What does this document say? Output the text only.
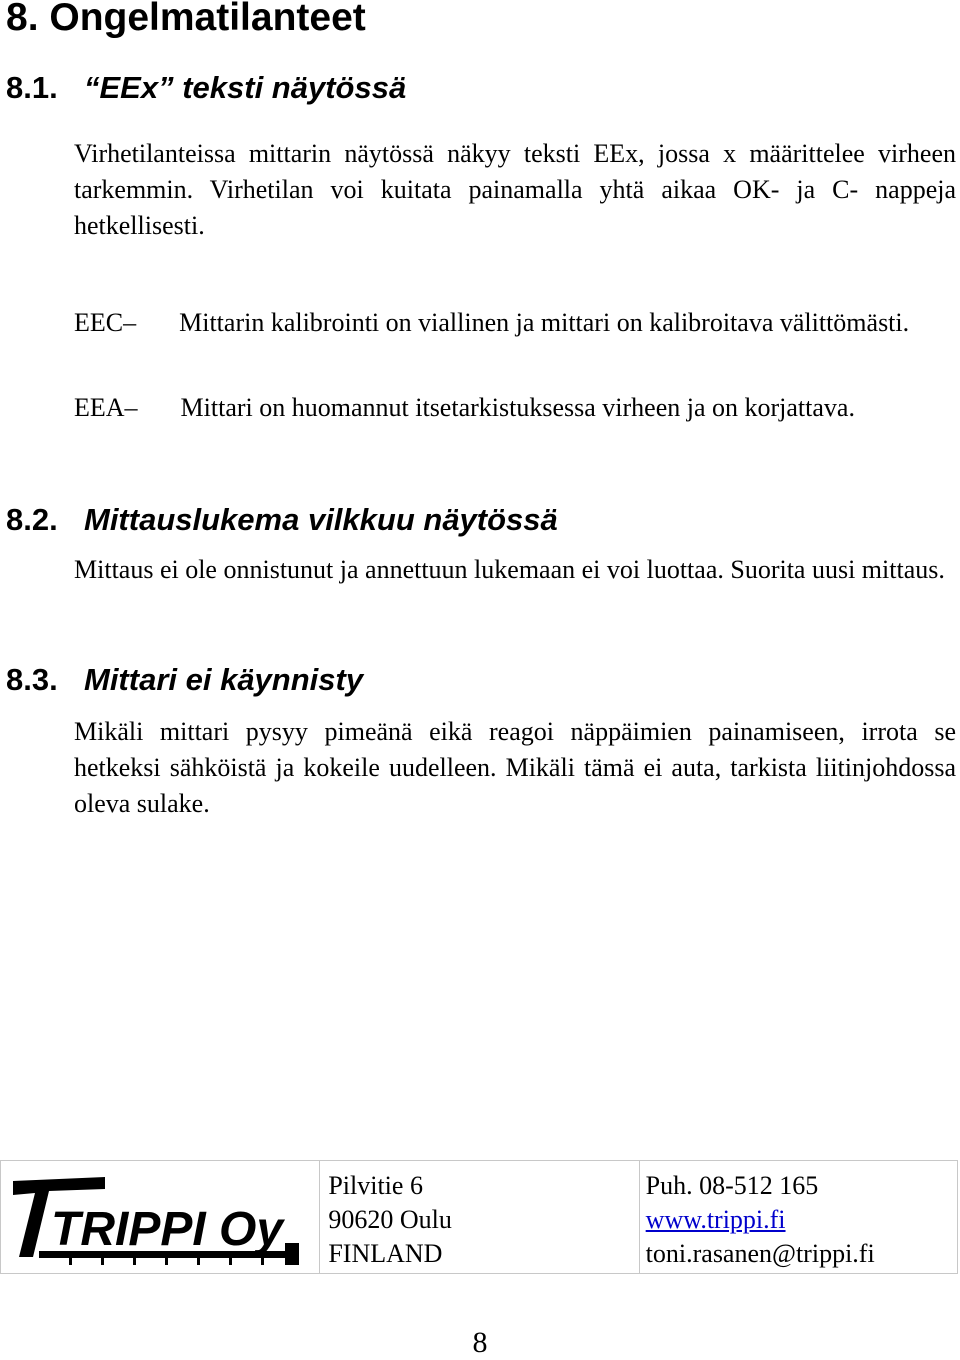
8. Ongelmatilanteet
8.1. “EEx” teksti näytössä
Virhetilanteissa mittarin näytössä näkyy teksti EEx, jossa x määrittelee virheen tarkemmin. Virhetilan voi kuitata painamalla yhtä aikaa OK- ja C- nappeja hetkellisesti.
EEC– Mittarin kalibrointi on viallinen ja mittari on kalibroitava välittömästi.
EEA– Mittari on huomannut itsetarkistuksessa virheen ja on korjattava.
8.2. Mittauslukema vilkkuu näytössä
Mittaus ei ole onnistunut ja annettuun lukemaan ei voi luottaa. Suorita uusi mittaus.
8.3. Mittari ei käynnisty
Mikäli mittari pysyy pimeänä eikä reagoi näppäimien painamiseen, irrota se hetkeksi sähköistä ja kokeile uudelleen. Mikäli tämä ei auta, tarkista liitinjohdossa oleva sulake.
TRIPPI Oy
Pilvitie 6
90620 Oulu
FINLAND
Puh. 08-512 165
www.trippi.fi
toni.rasanen@trippi.fi
8
